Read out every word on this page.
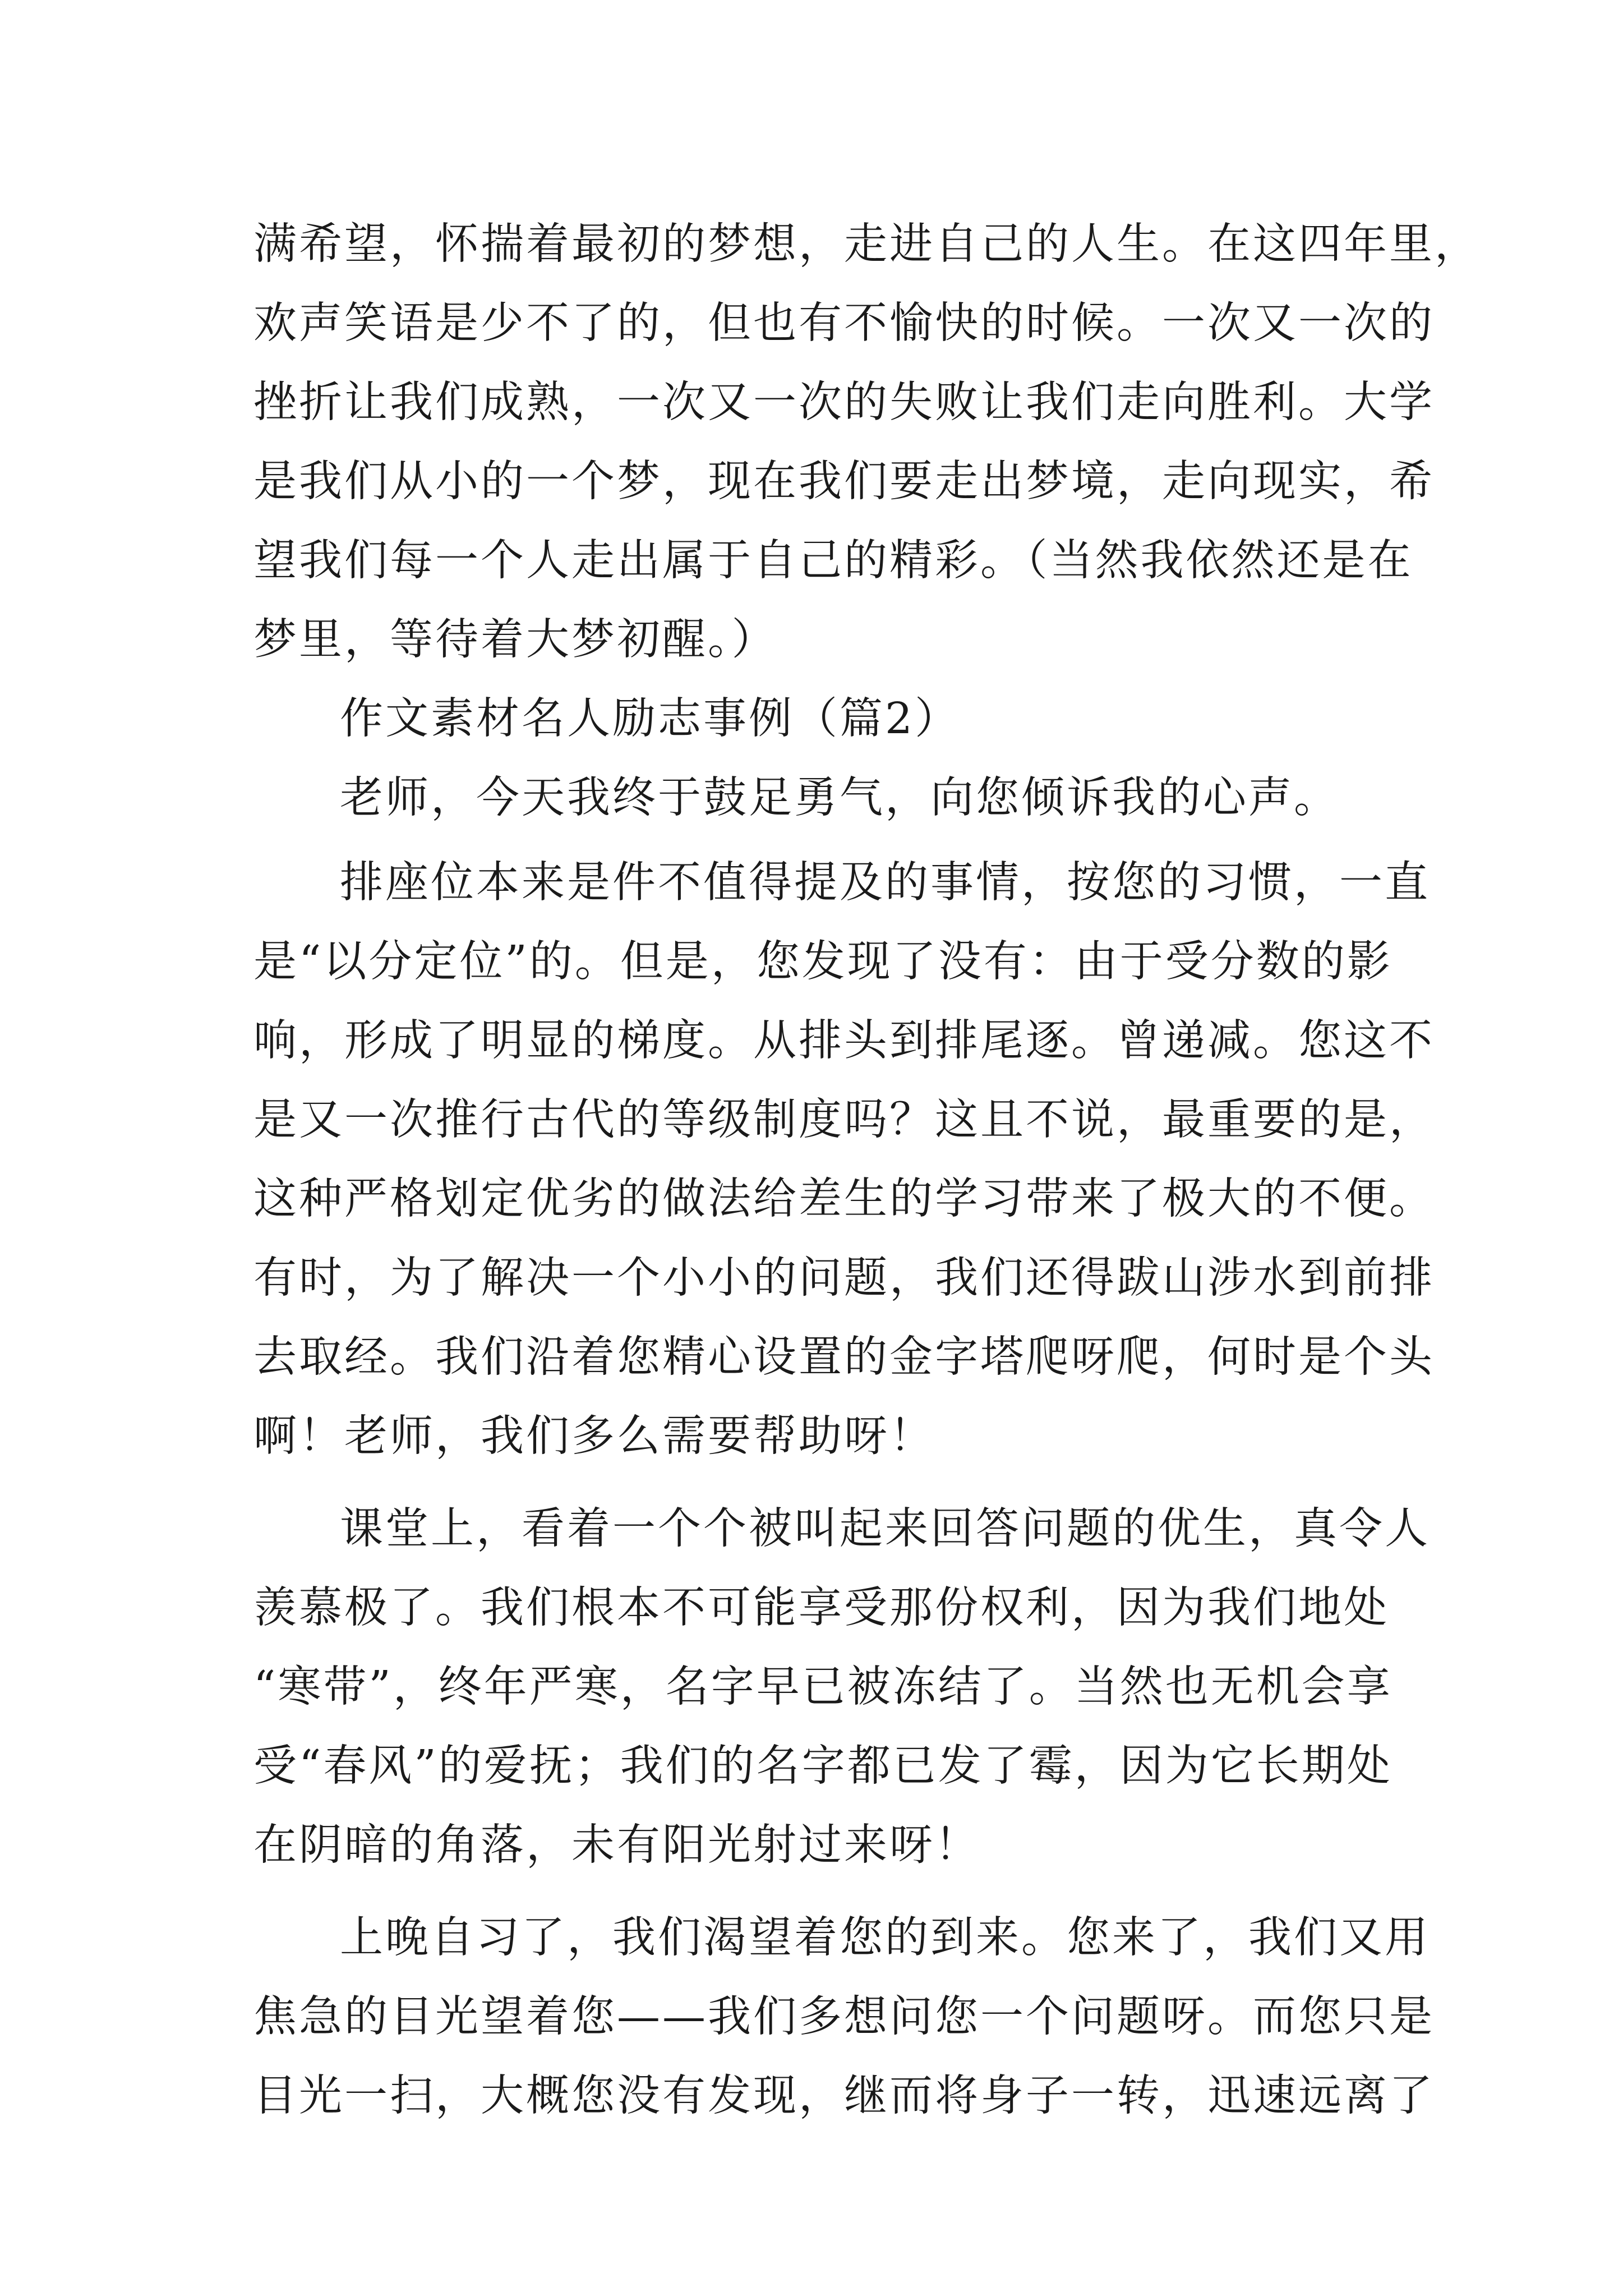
满希望，怀揣着最初的梦想，走进自己的人生。在这四年里，
欢声笑语是少不了的，但也有不愉快的时候。一次又一次的
挫折让我们成熟，一次又一次的失败让我们走向胜利。大学
是我们从小的一个梦，现在我们要走出梦境，走向现实，希
望我们每一个人走出属于自己的精彩。（当然我依然还是在
梦里，等待着大梦初醒。）
作文素材名人励志事例（篇2）
老师，今天我终于鼓足勇气，向您倾诉我的心声。
排座位本来是件不值得提及的事情，按您的习惯，一直
是“以分定位”的。但是，您发现了没有：由于受分数的影
响，形成了明显的梯度。从排头到排尾逐。曾递减。您这不
是又一次推行古代的等级制度吗？这且不说，最重要的是，
这种严格划定优劣的做法给差生的学习带来了极大的不便。
有时，为了解决一个小小的问题，我们还得跋山涉水到前排
去取经。我们沿着您精心设置的金字塔爬呀爬，何时是个头
啊！老师，我们多么需要帮助呀！
课堂上，看着一个个被叫起来回答问题的优生，真令人
羡慕极了。我们根本不可能享受那份权利，因为我们地处
“寒带”，终年严寒，名字早已被冻结了。当然也无机会享
受“春风”的爱抚；我们的名字都已发了霉，因为它长期处
在阴暗的角落，未有阳光射过来呀！
上晚自习了，我们渴望着您的到来。您来了，我们又用
焦急的目光望着您——我们多想问您一个问题呀。而您只是
目光一扫，大概您没有发现，继而将身子一转，迅速远离了
